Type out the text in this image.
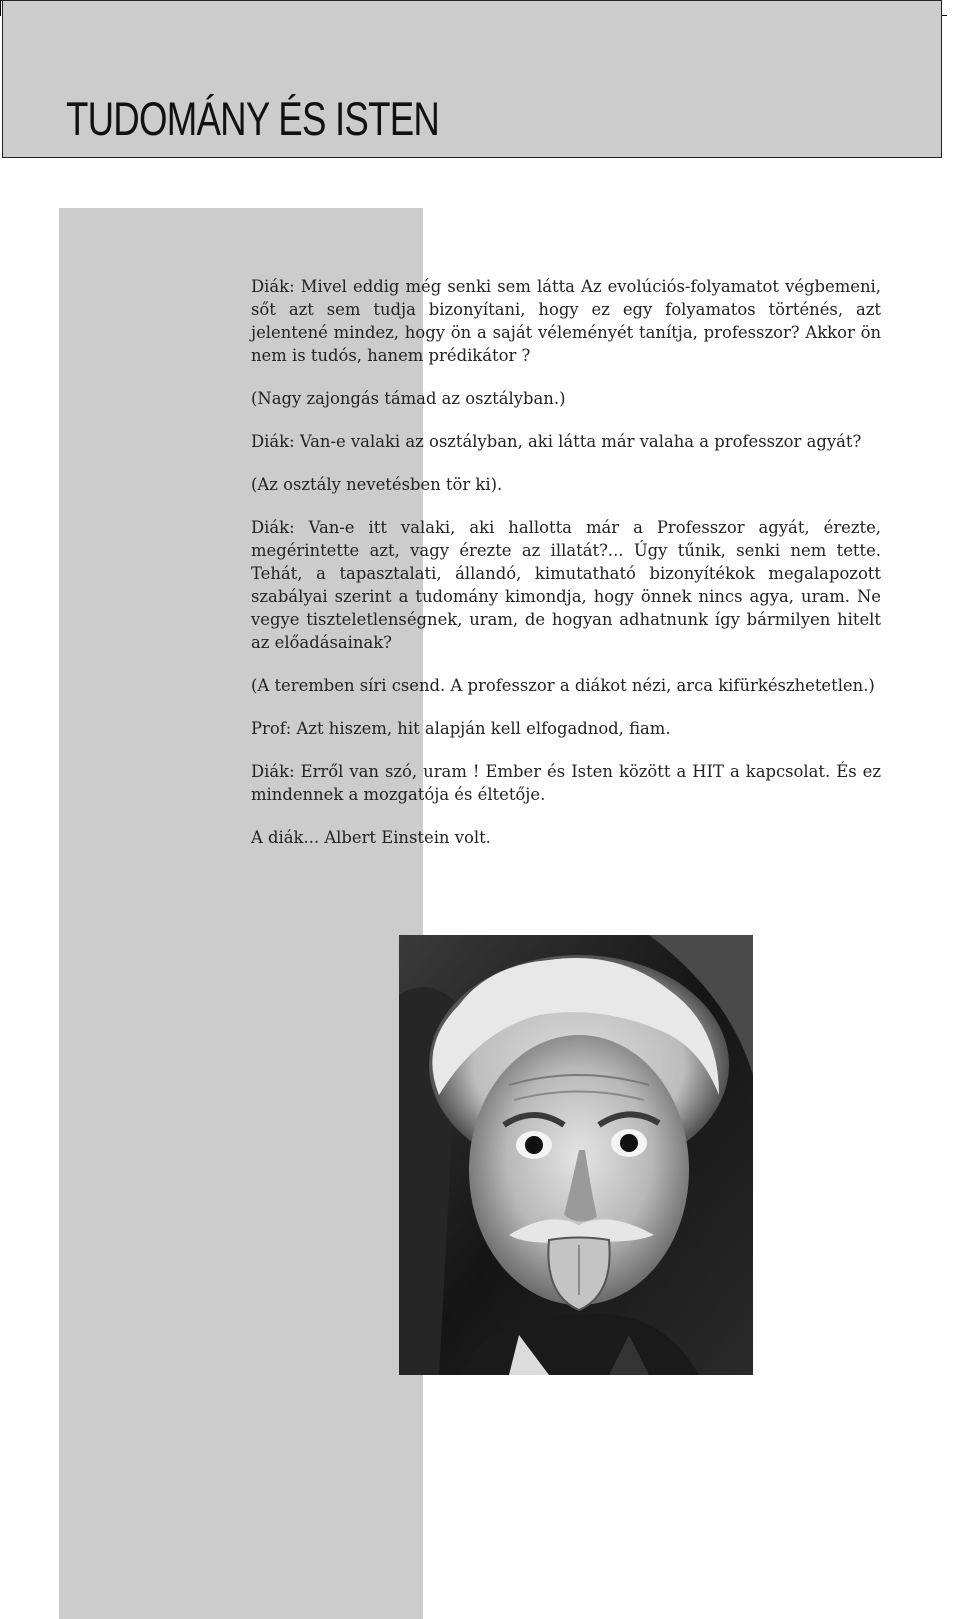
TUDOMÁNY ÉS ISTEN

Diák: Mivel eddig még senki sem látta Az evolúciós-folyamatot végbemeni, sőt azt sem tudja bizonyítani, hogy ez egy folyamatos történés, azt jelentené mindez, hogy ön a saját véleményét tanítja, professzor? Akkor ön nem is tudós, hanem prédikátor ?

(Nagy zajongás támad az osztályban.)

Diák: Van-e valaki az osztályban, aki látta már valaha a professzor agyát?

(Az osztály nevetésben tör ki).

Diák: Van-e itt valaki, aki hallotta már a Professzor agyát, érezte, megérintette azt, vagy érezte az illatát?... Úgy tűnik, senki nem tette. Tehát, a tapasztalati, állandó, kimutatható bizonyítékok megalapozott szabályai szerint a tudomány kimondja, hogy önnek nincs agya, uram. Ne vegye tiszteletlenségnek, uram, de hogyan adhatnunk így bármilyen hitelt az előadásainak?

(A teremben síri csend. A professzor a diákot nézi, arca kifürkészhetetlen.)

Prof: Azt hiszem, hit alapján kell elfogadnod, fiam.

Diák: Erről van szó, uram ! Ember és Isten között a HIT a kapcsolat. És ez mindennek a mozgatója és éltetője.

A diák... Albert Einstein volt.
